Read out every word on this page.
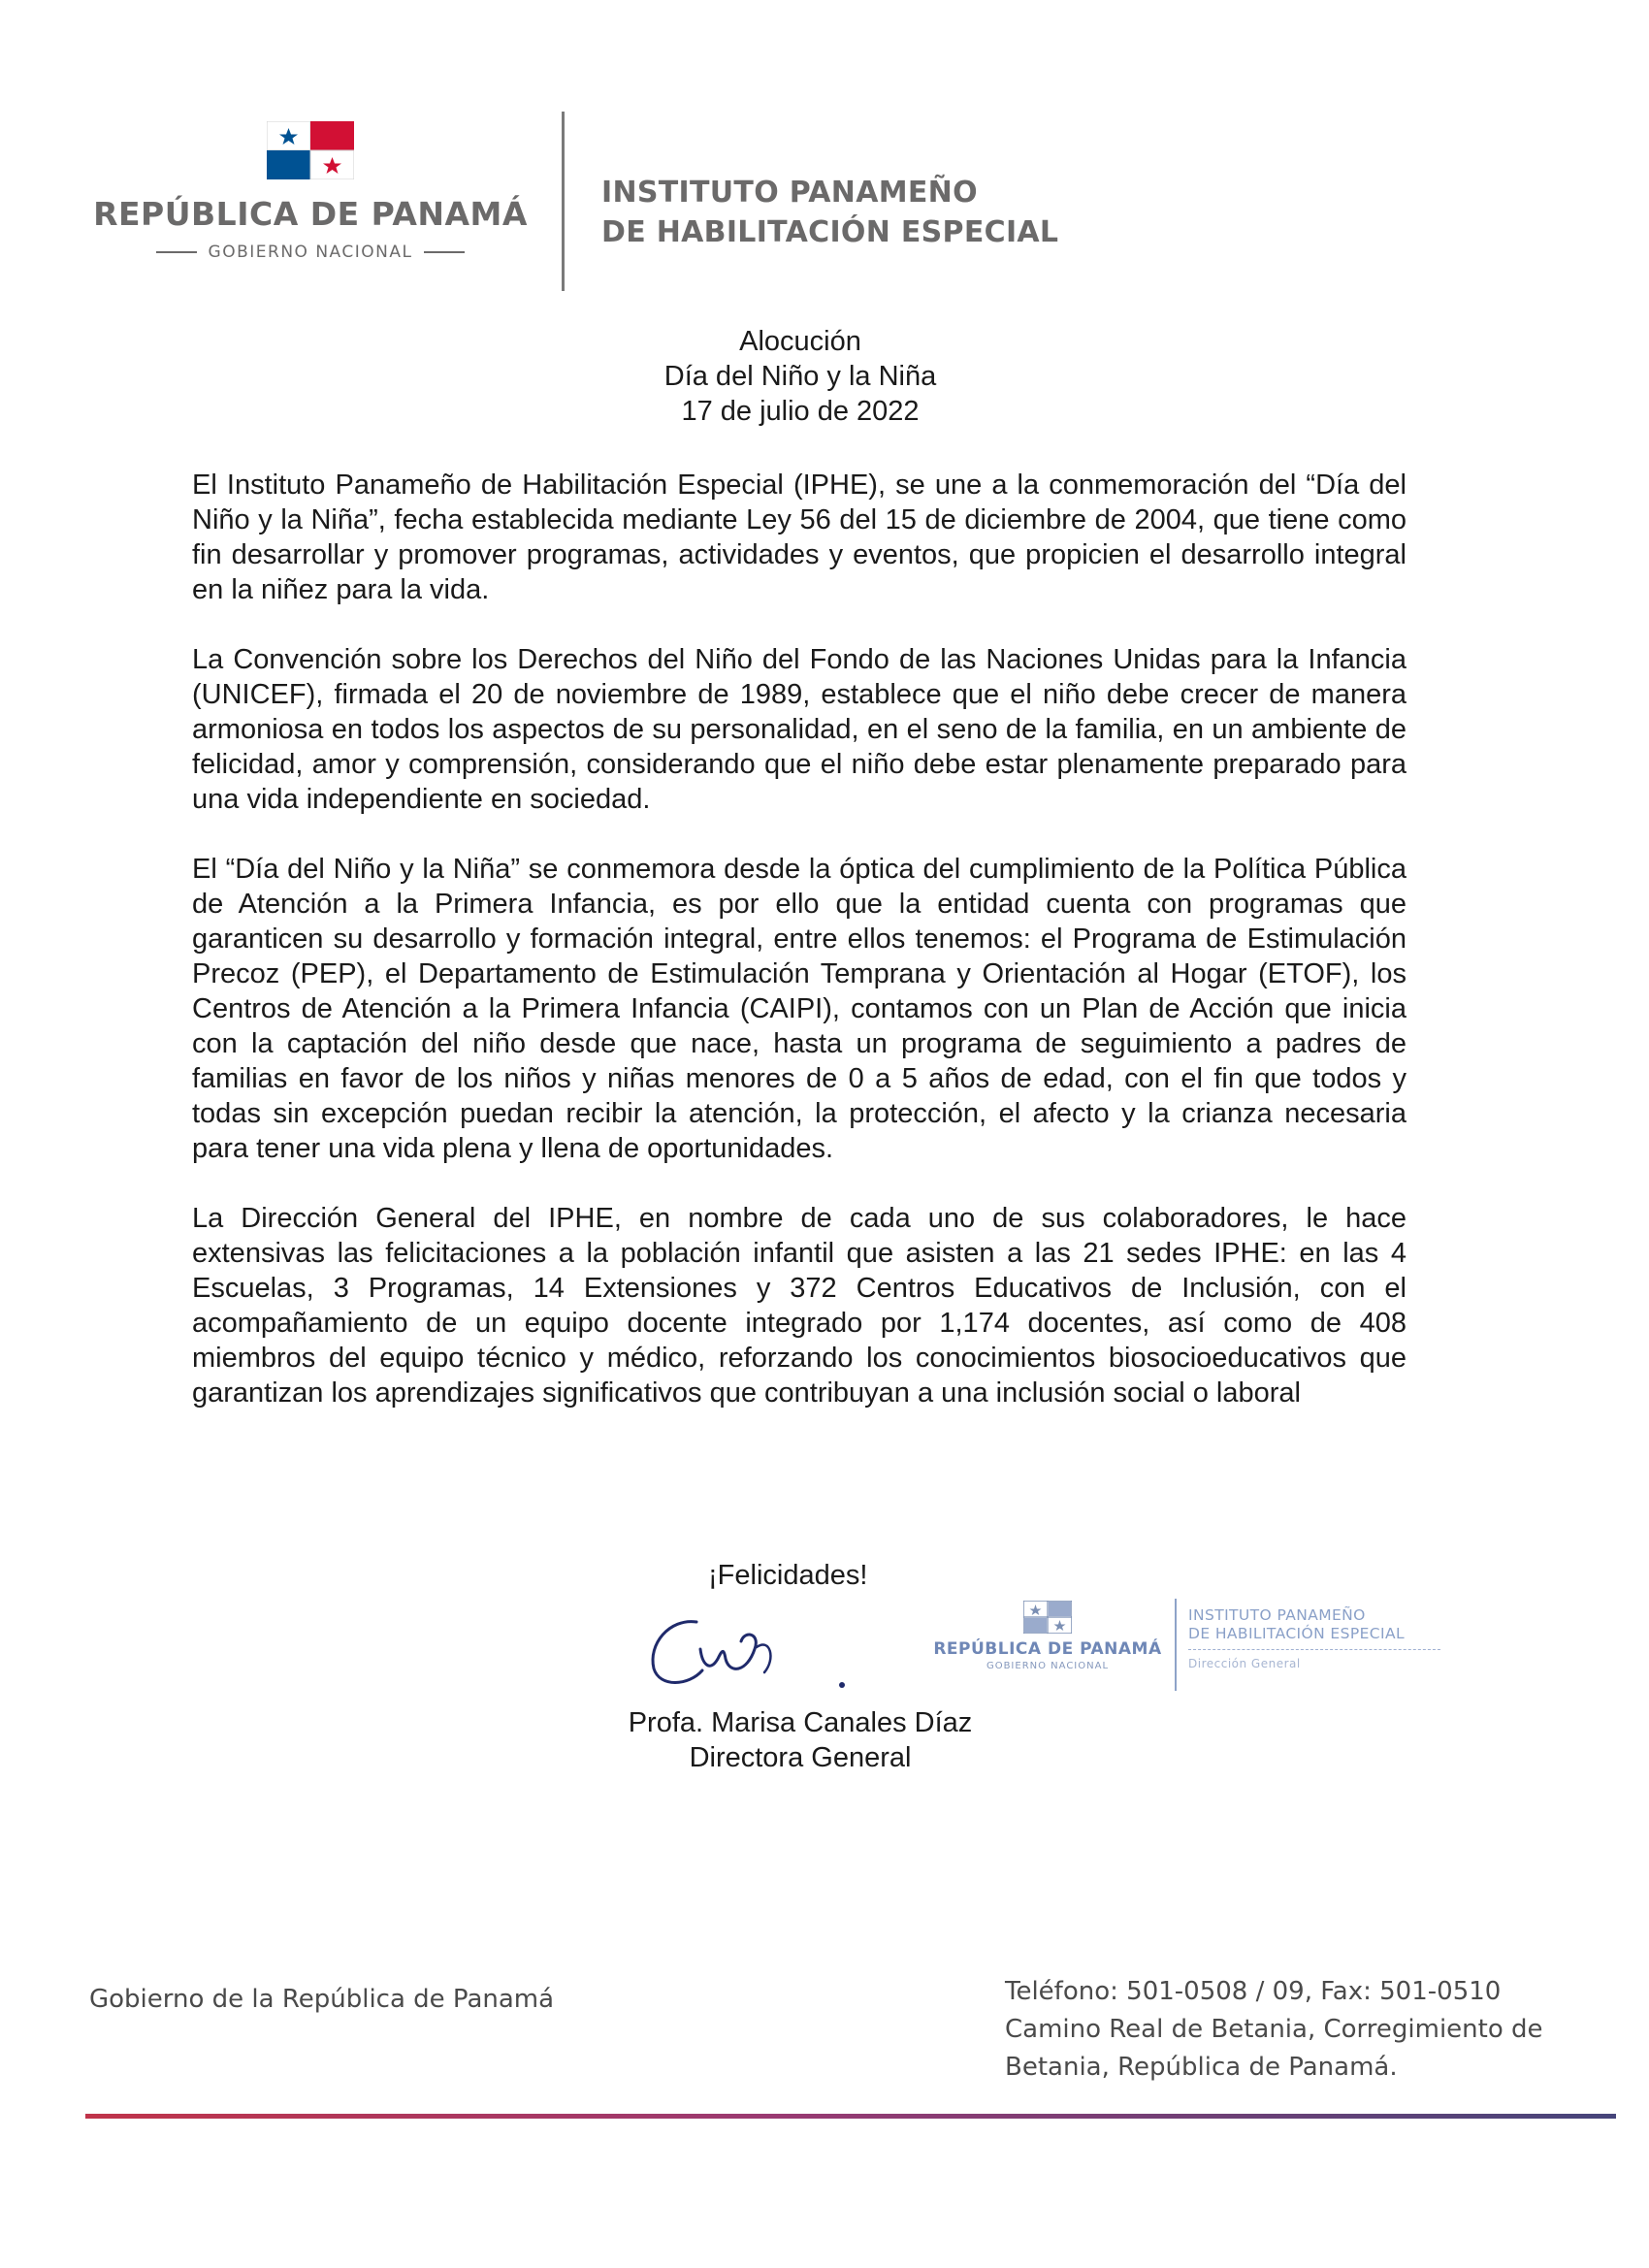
REPÚBLICA DE PANAMÁ
GOBIERNO NACIONAL
INSTITUTO PANAMEÑO
DE HABILITACIÓN ESPECIAL
Alocución
Día del Niño y la Niña
17 de julio de 2022

El Instituto Panameño de Habilitación Especial (IPHE), se une a la conmemoración del “Día del Niño y la Niña”, fecha establecida mediante Ley 56 del 15 de diciembre de 2004, que tiene como fin desarrollar y promover programas, actividades y eventos, que propicien el desarrollo integral en la niñez para la vida.

La Convención sobre los Derechos del Niño del Fondo de las Naciones Unidas para la Infancia (UNICEF), firmada el 20 de noviembre de 1989, establece que el niño debe crecer de manera armoniosa en todos los aspectos de su personalidad, en el seno de la familia, en un ambiente de felicidad, amor y comprensión, considerando que el niño debe estar plenamente preparado para una vida independiente en sociedad.

El “Día del Niño y la Niña” se conmemora desde la óptica del cumplimiento de la Política Pública de Atención a la Primera Infancia, es por ello que la entidad cuenta con programas que garanticen su desarrollo y formación integral, entre ellos tenemos: el Programa de Estimulación Precoz (PEP), el Departamento de Estimulación Temprana y Orientación al Hogar (ETOF), los Centros de Atención a la Primera Infancia (CAIPI), contamos con un Plan de Acción que inicia con la captación del niño desde que nace, hasta un programa de seguimiento a padres de familias en favor de los niños y niñas menores de 0 a 5 años de edad, con el fin que todos y todas sin excepción puedan recibir la atención, la protección, el afecto y la crianza necesaria para tener una vida plena y llena de oportunidades.

La Dirección General del IPHE, en nombre de cada uno de sus colaboradores, le hace extensivas las felicitaciones a la población infantil que asisten a las 21 sedes IPHE: en las 4 Escuelas, 3 Programas, 14 Extensiones y 372 Centros Educativos de Inclusión, con el acompañamiento de un equipo docente integrado por 1,174 docentes, así como de 408 miembros del equipo técnico y médico, reforzando los conocimientos biosocioeducativos que garantizan los aprendizajes significativos que contribuyan a una inclusión social o laboral

¡Felicidades!
Profa. Marisa Canales Díaz
Directora General
REPÚBLICA DE PANAMÁ
GOBIERNO NACIONAL
INSTITUTO PANAMEÑO
DE HABILITACIÓN ESPECIAL
Dirección General
Gobierno de la República de Panamá	Teléfono: 501-0508 / 09, Fax: 501-0510
Camino Real de Betania, Corregimiento de
Betania, República de Panamá.
